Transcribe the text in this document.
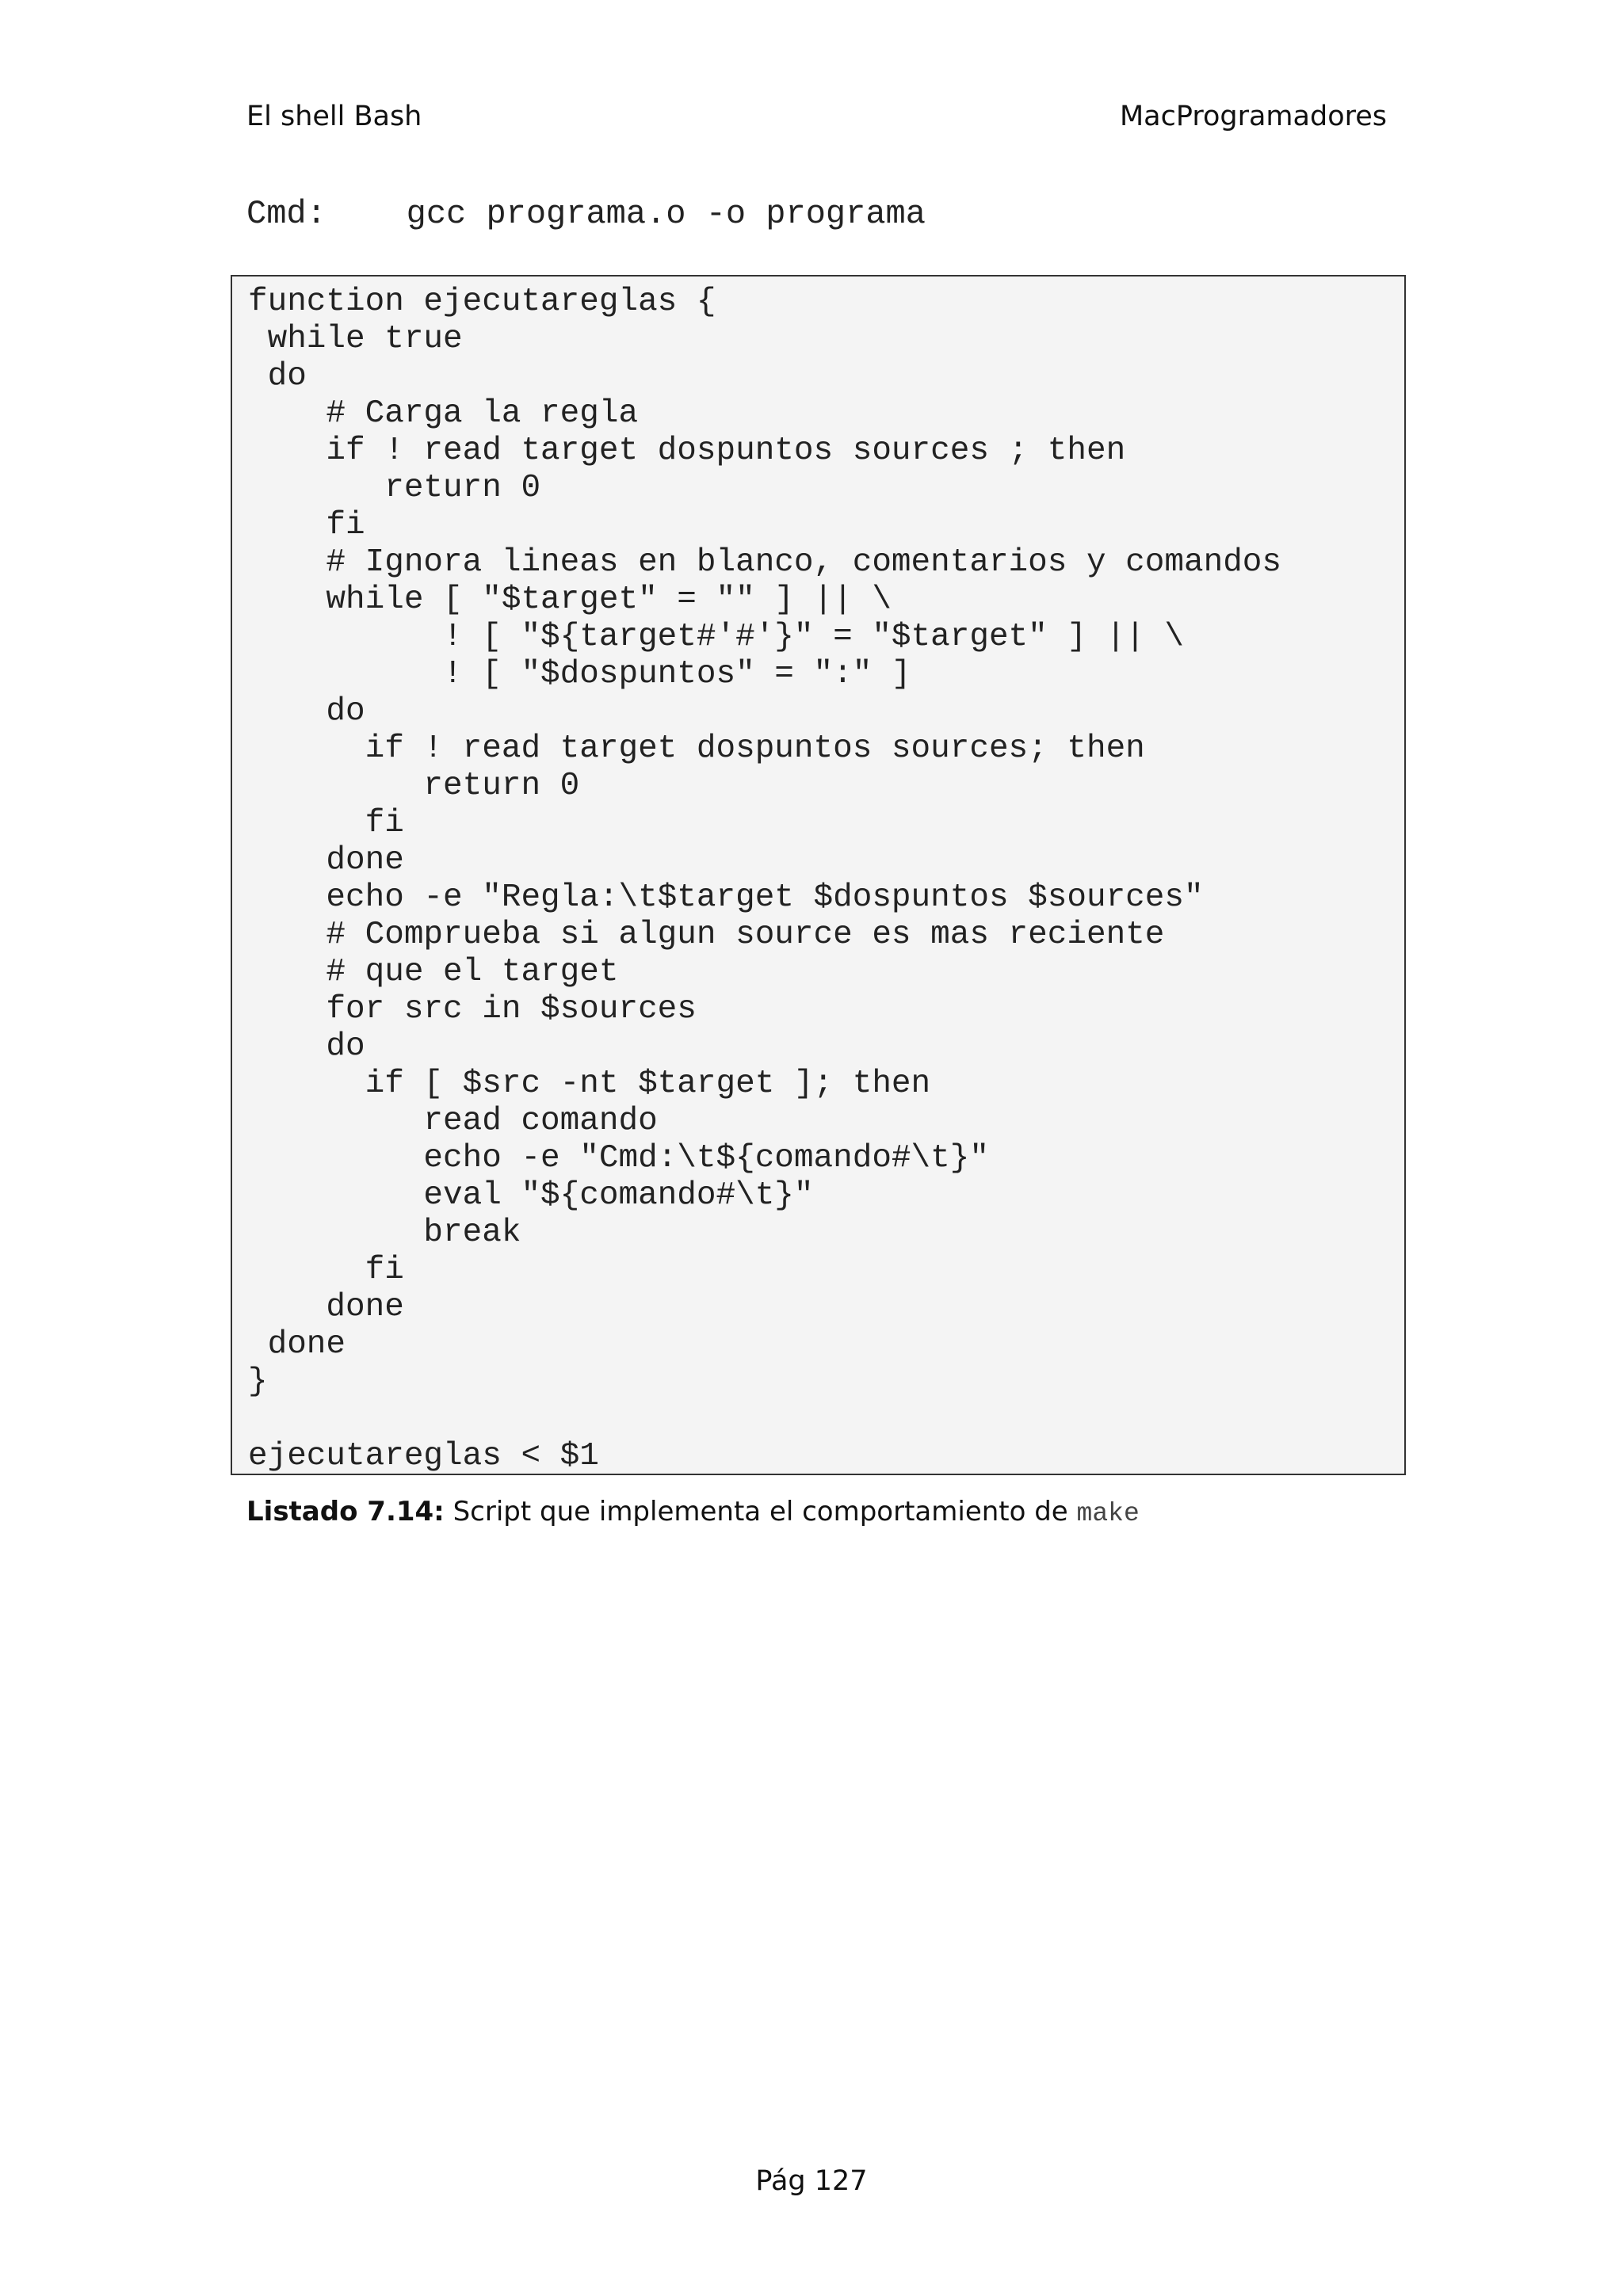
El shell Bash	MacProgramadores
Cmd:    gcc programa.o -o programa
function ejecutareglas {
while true
do
# Carga la regla
if ! read target dospuntos sources ; then
return 0
fi
# Ignora lineas en blanco, comentarios y comandos
while [ "$target" = "" ] || \
! [ "${target#'#'}" = "$target" ] || \
! [ "$dospuntos" = ":" ]
do
if ! read target dospuntos sources; then
return 0
fi
done
echo -e "Regla:\t$target $dospuntos $sources"
# Comprueba si algun source es mas reciente
# que el target
for src in $sources
do
if [ $src -nt $target ]; then
read comando
echo -e "Cmd:\t${comando#\t}"
eval "${comando#\t}"
break
fi
done
done
}

ejecutareglas < $1
Listado 7.14: Script que implementa el comportamiento de make
Pág 127
